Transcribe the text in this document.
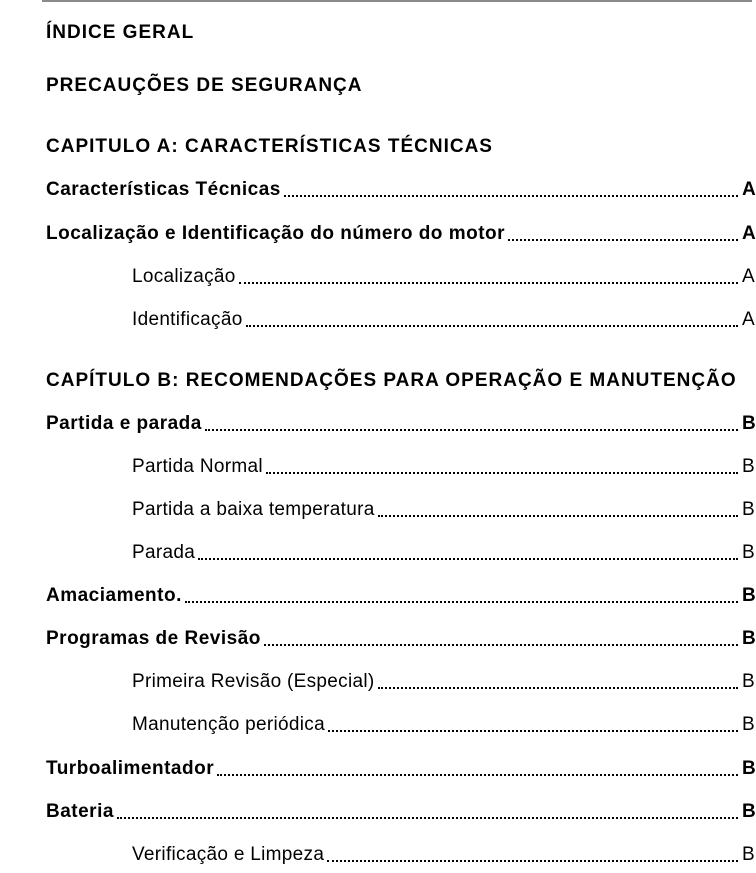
ÍNDICE GERAL
PRECAUÇÕES DE SEGURANÇA
CAPITULO A: CARACTERÍSTICAS TÉCNICAS
Características Técnicas	A
Localização e Identificação do número do motor	A
Localização	A
Identificação	A
CAPÍTULO B: RECOMENDAÇÕES PARA OPERAÇÃO E MANUTENÇÃO
Partida e parada	B
Partida Normal	B
Partida a baixa temperatura	B
Parada	B
Amaciamento.	B
Programas de Revisão	B
Primeira Revisão (Especial)	B
Manutenção periódica	B
Turboalimentador	B
Bateria	B
Verificação e Limpeza	B
